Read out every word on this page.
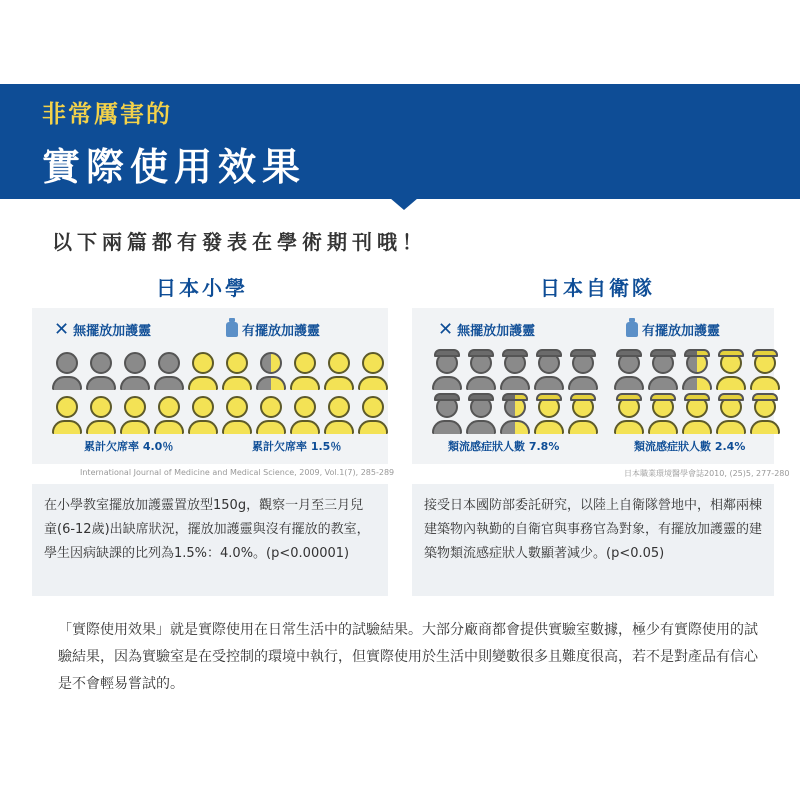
非常厲害的
實際使用效果
以下兩篇都有發表在學術期刊哦！
日本小學	日本自衛隊
✕ 無擺放加護靈	有擺放加護靈	✕ 無擺放加護靈	有擺放加護靈
累計欠席率 4.0％	累計欠席率 1.5％	類流感症狀人數 7.8%	類流感症狀人數 2.4%
International Journal of Medicine and Medical Science, 2009, Vol.1(7), 285-289	日本職業環境醫學會誌2010, (25)5, 277-280
在小學教室擺放加護靈置放型150g，觀察一月至三月兒童(6-12歲)出缺席狀況，擺放加護靈與沒有擺放的教室，學生因病缺課的比列為1.5%：4.0%。(p<0.00001)
接受日本國防部委託研究，以陸上自衛隊營地中，相鄰兩棟建築物內執勤的自衛官與事務官為對象，有擺放加護靈的建築物類流感症狀人數顯著減少。(p<0.05)
「實際使用效果」就是實際使用在日常生活中的試驗結果。大部分廠商都會提供實驗室數據，極少有實際使用的試驗結果，因為實驗室是在受控制的環境中執行，但實際使用於生活中則變數很多且難度很高，若不是對產品有信心是不會輕易嘗試的。
